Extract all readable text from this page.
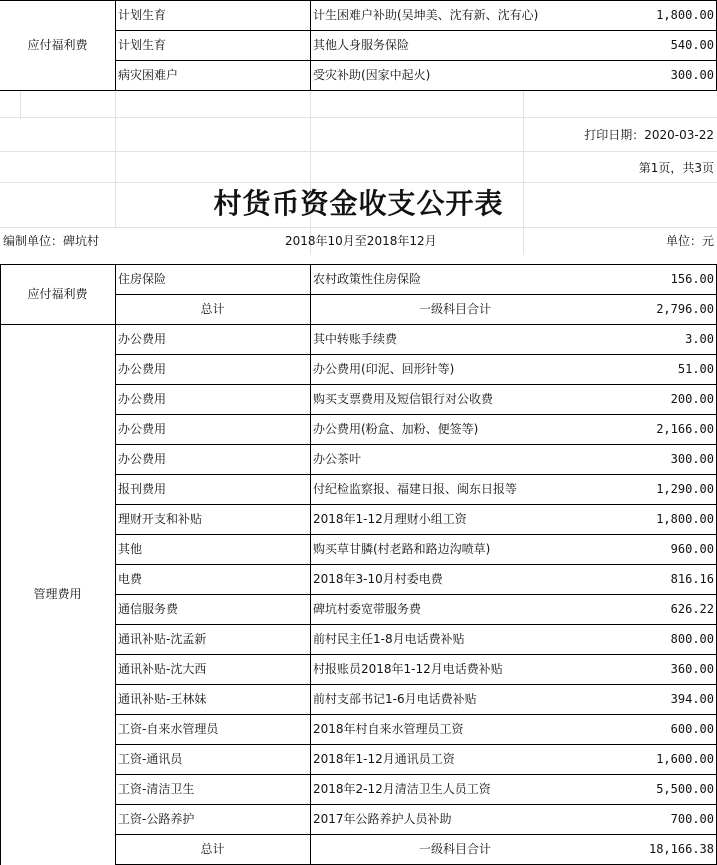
应付福利费
计划生育	计生困难户补助(吴坤美、沈有新、沈有心)	1,800.00
计划生育	其他人身服务保险	540.00
病灾困难户	受灾补助(因家中起火)	300.00
打印日期：2020-03-22
第1页，共3页
村货币资金收支公开表
编制单位：碑坑村	2018年10月至2018年12月	单位：元
应付福利费
住房保险	农村政策性住房保险	156.00
总计	一级科目合计	2,796.00
管理费用
办公费用	其中转账手续费	3.00
办公费用	办公费用(印泥、回形针等)	51.00
办公费用	购买支票费用及短信银行对公收费	200.00
办公费用	办公费用(粉盒、加粉、便签等)	2,166.00
办公费用	办公茶叶	300.00
报刊费用	付纪检监察报、福建日报、闽东日报等	1,290.00
理财开支和补贴	2018年1-12月理财小组工资	1,800.00
其他	购买草甘膦(村老路和路边沟喷草)	960.00
电费	2018年3-10月村委电费	816.16
通信服务费	碑坑村委宽带服务费	626.22
通讯补贴-沈孟新	前村民主任1-8月电话费补贴	800.00
通讯补贴-沈大西	村报账员2018年1-12月电话费补贴	360.00
通讯补贴-王林妹	前村支部书记1-6月电话费补贴	394.00
工资-自来水管理员	2018年村自来水管理员工资	600.00
工资-通讯员	2018年1-12月通讯员工资	1,600.00
工资-清洁卫生	2018年2-12月清洁卫生人员工资	5,500.00
工资-公路养护	2017年公路养护人员补助	700.00
总计	一级科目合计	18,166.38
